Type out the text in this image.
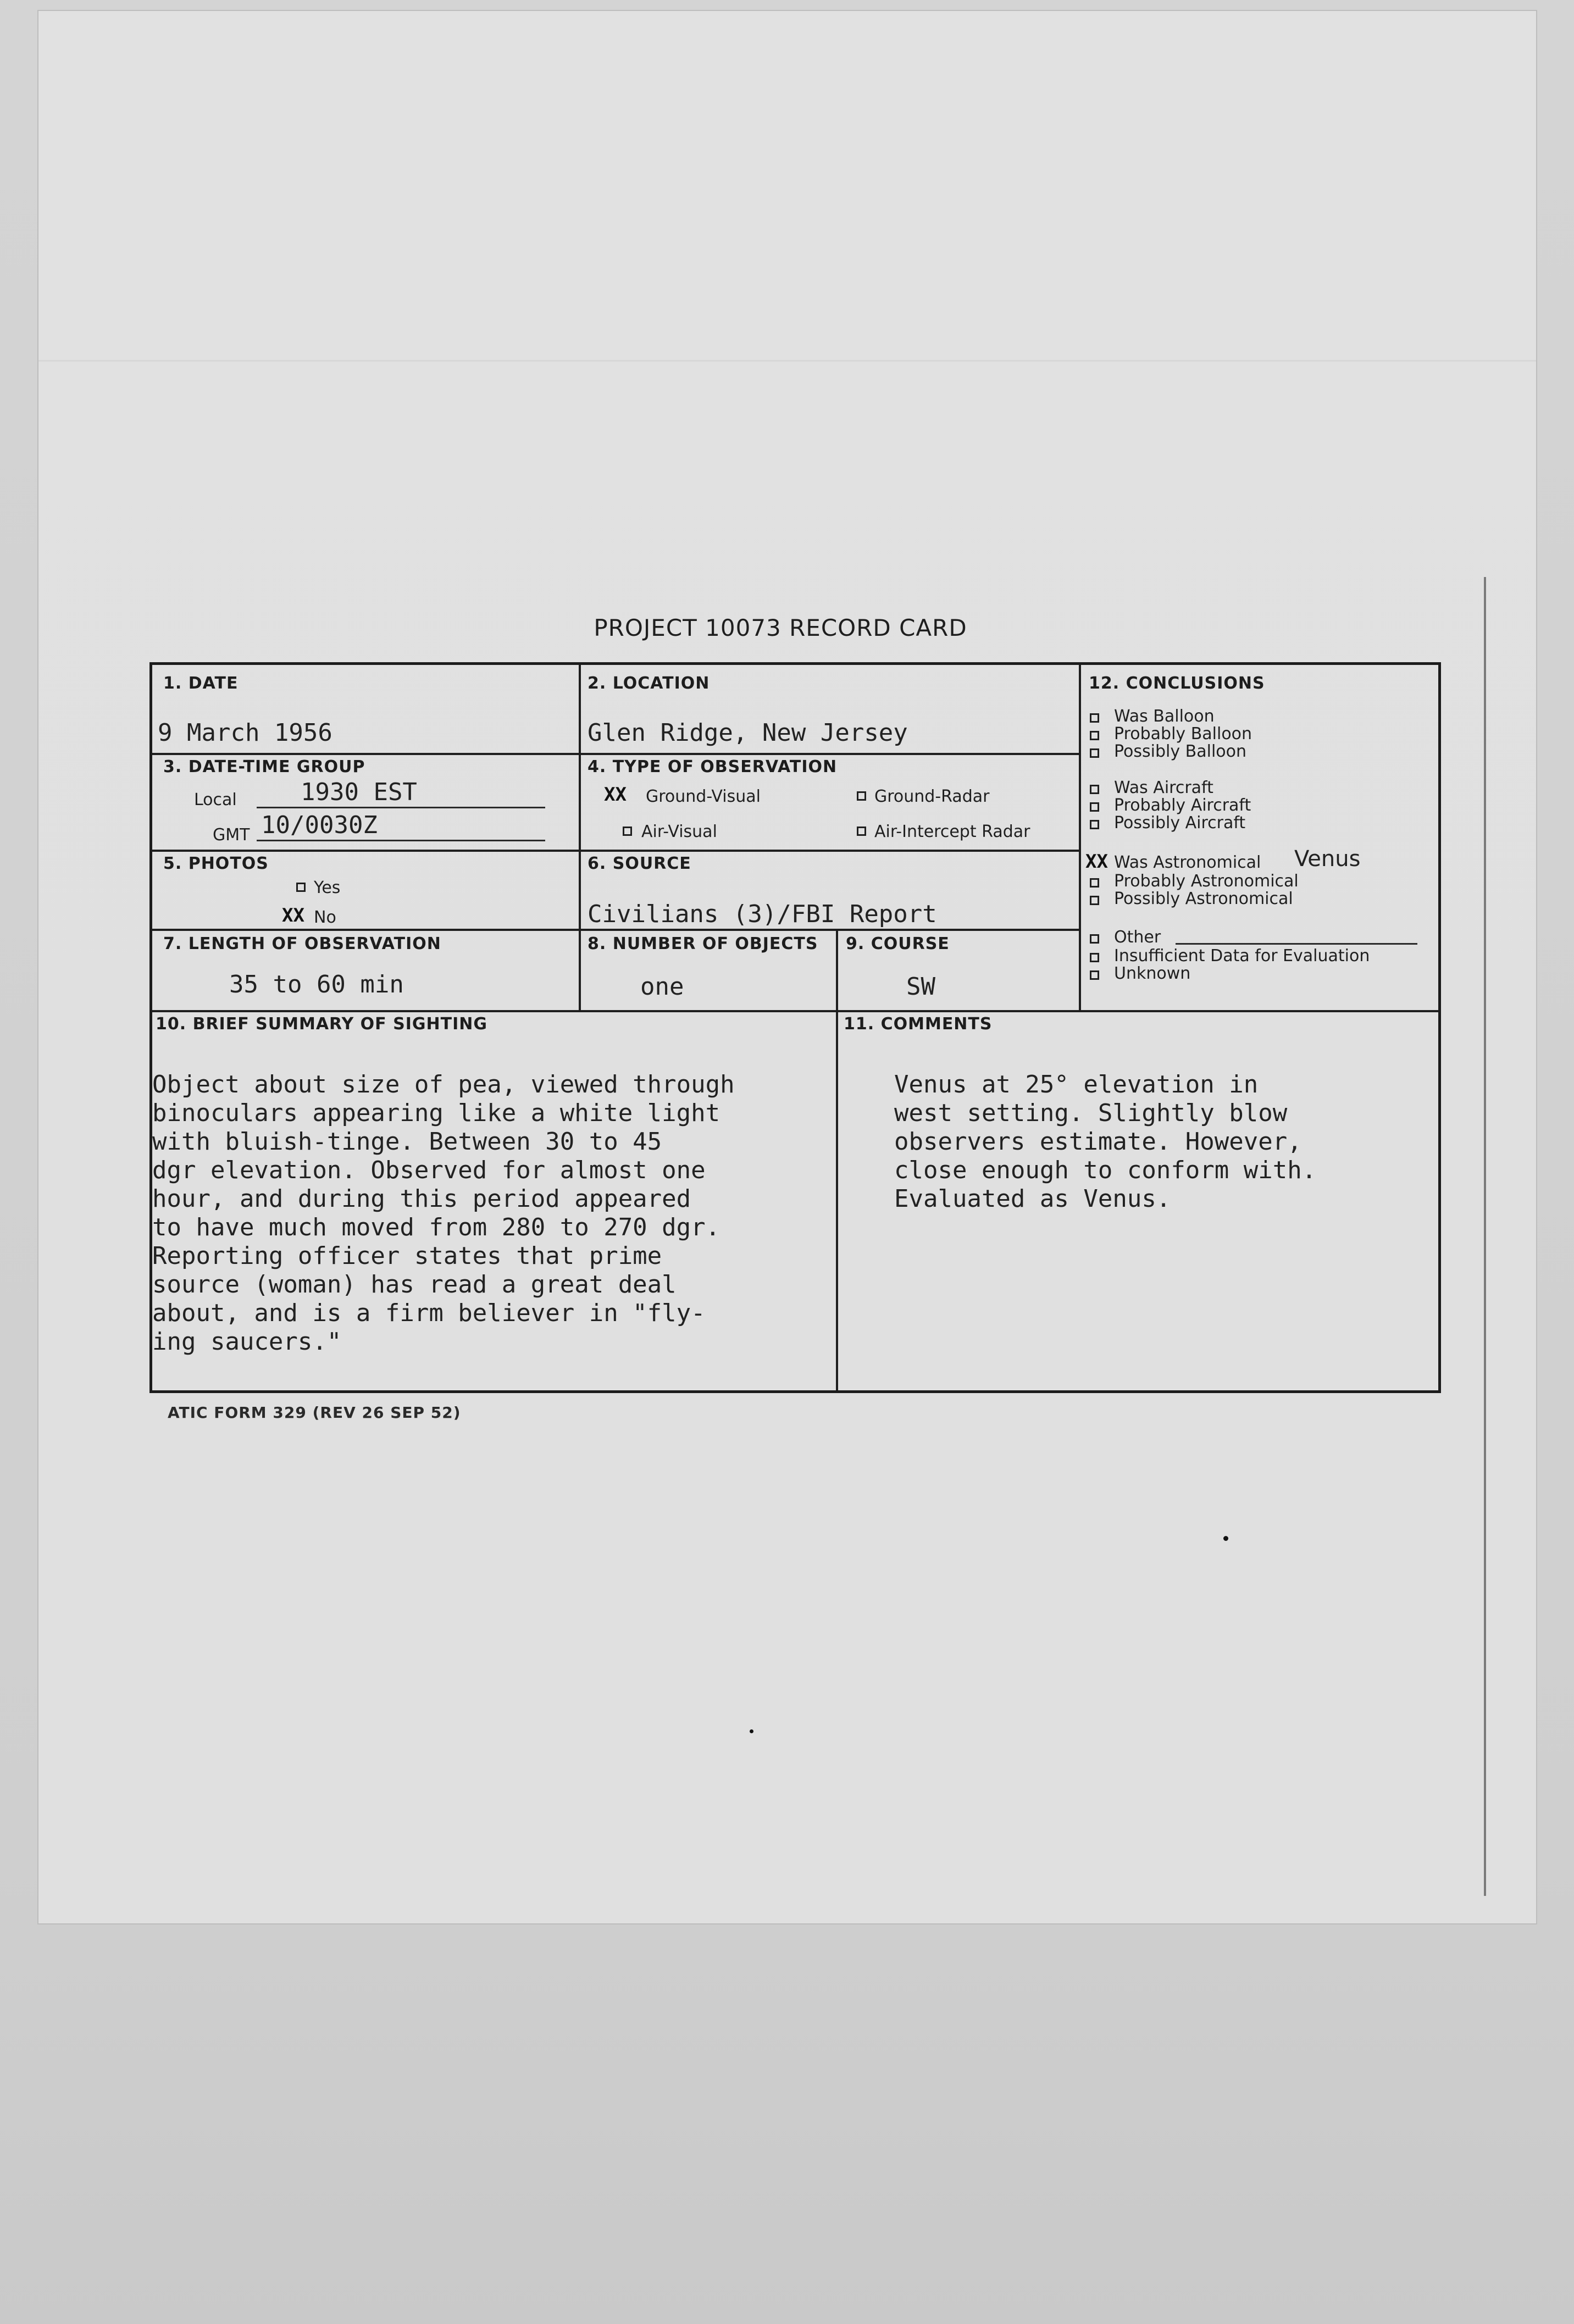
PROJECT 10073 RECORD CARD
1. DATE
9 March 1956
2. LOCATION
Glen Ridge, New Jersey
3. DATE-TIME GROUP
Local	1930 EST
GMT 10/0030Z
4. TYPE OF OBSERVATION
XX Ground-Visual	Ground-Radar
Air-Visual	Air-Intercept Radar
5. PHOTOS
Yes
XX No
6. SOURCE
Civilians (3)/FBI Report
7. LENGTH OF OBSERVATION
35 to 60 min
8. NUMBER OF OBJECTS
one
9. COURSE
SW
10. BRIEF SUMMARY OF SIGHTING

Object about size of pea, viewed through
binoculars appearing like a white light
with bluish-tinge. Between 30 to 45
dgr elevation. Observed for almost one
hour, and during this period appeared
to have much moved from 280 to 270 dgr.
Reporting officer states that prime
source (woman) has read a great deal
about, and is a firm believer in "fly-
ing saucers."
11. COMMENTS

Venus at 25° elevation in
west setting. Slightly blow
observers estimate. However,
close enough to conform with.
Evaluated as Venus.
12. CONCLUSIONS
Was Balloon
Probably Balloon
Possibly Balloon
Was Aircraft
Probably Aircraft
Possibly Aircraft
XX Was Astronomical Venus
Probably Astronomical
Possibly Astronomical
Other
Insufficient Data for Evaluation
Unknown
ATIC FORM 329 (REV 26 SEP 52)
